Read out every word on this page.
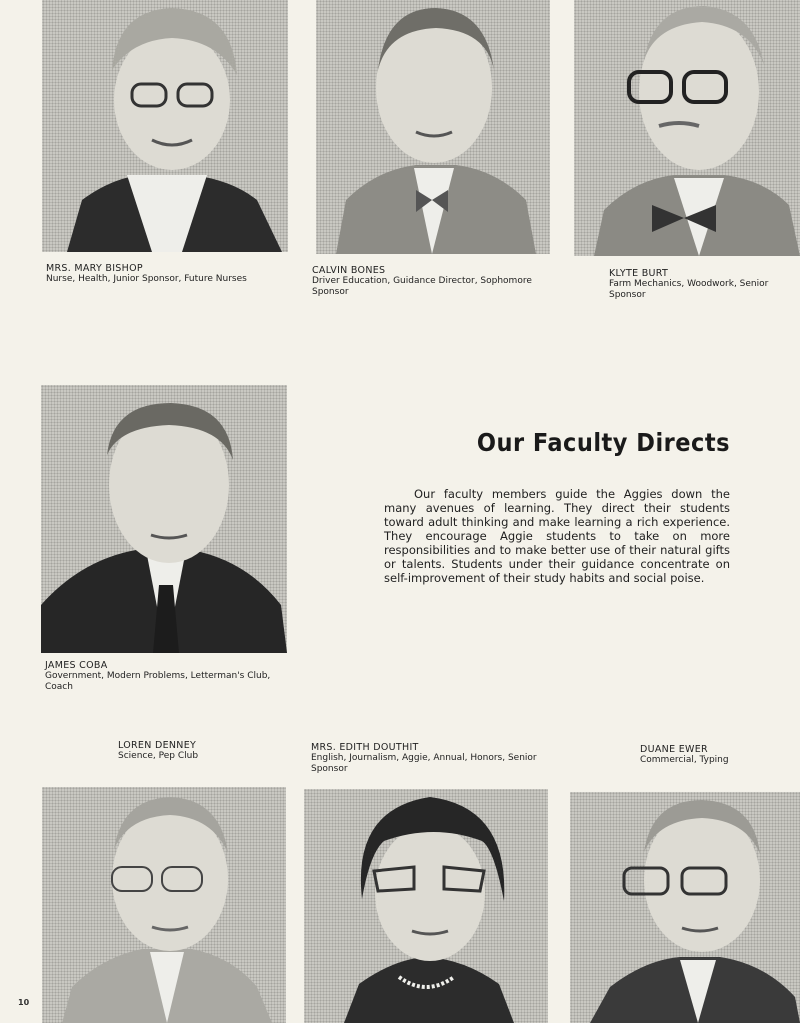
MRS. MARY BISHOP
Nurse, Health, Junior Sponsor, Future Nurses
CALVIN BONES
Driver Education, Guidance Director, Sophomore Sponsor
KLYTE BURT
Farm Mechanics, Woodwork, Senior Sponsor
JAMES COBA
Government, Modern Problems, Letterman's Club, Coach
Our Faculty Directs
Our faculty members guide the Aggies down the many avenues of learning. They direct their students toward adult thinking and make learning a rich experience. They encourage Aggie students to take on more responsibilities and to make better use of their natural gifts or talents. Students under their guidance concentrate on self-improvement of their study habits and social poise.
LOREN DENNEY
Science, Pep Club
MRS. EDITH DOUTHIT
English, Journalism, Aggie, Annual, Honors, Senior Sponsor
DUANE EWER
Commercial, Typing
10
